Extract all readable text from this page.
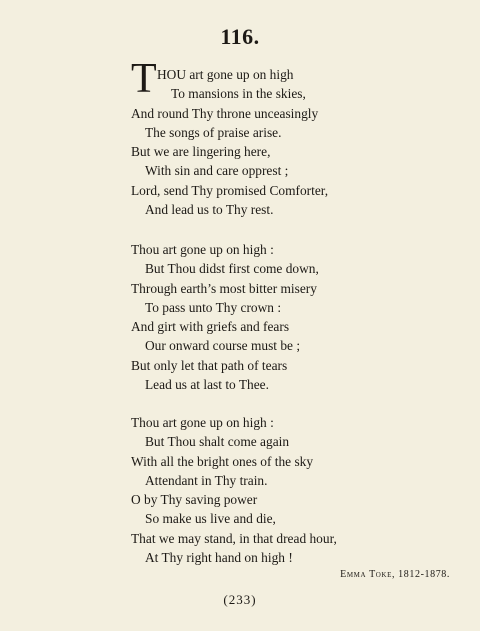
116.
T HOU art gone up on high
To mansions in the skies,
And round Thy throne unceasingly
The songs of praise arise.
But we are lingering here,
With sin and care opprest ;
Lord, send Thy promised Comforter,
And lead us to Thy rest.
Thou art gone up on high :
But Thou didst first come down,
Through earth’s most bitter misery
To pass unto Thy crown :
And girt with griefs and fears
Our onward course must be ;
But only let that path of tears
Lead us at last to Thee.
Thou art gone up on high :
But Thou shalt come again
With all the bright ones of the sky
Attendant in Thy train.
O by Thy saving power
So make us live and die,
That we may stand, in that dread hour,
At Thy right hand on high !
Emma Toke, 1812-1878.
(233)
